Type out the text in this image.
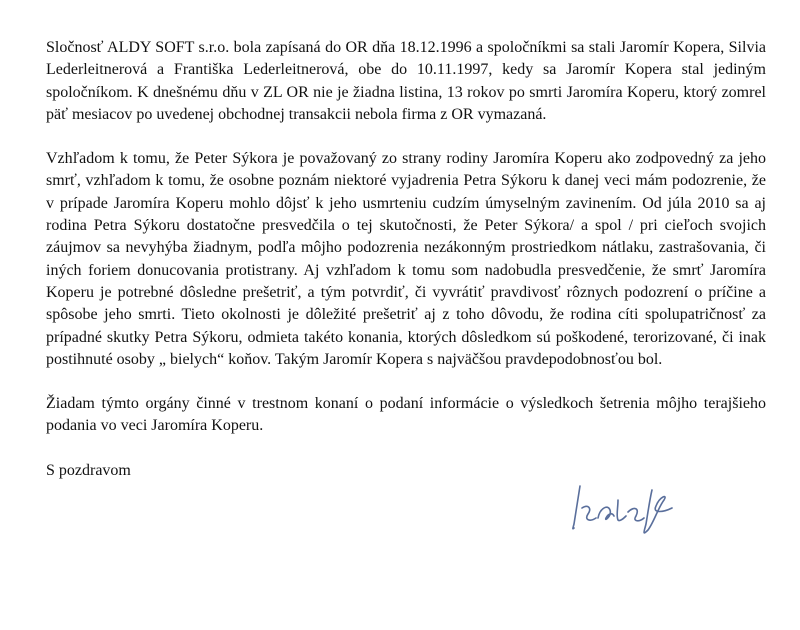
Sločnosť ALDY SOFT s.r.o. bola zapísaná do OR dňa 18.12.1996 a spoločníkmi sa stali Jaromír Kopera, Silvia Lederleitnerová a Františka Lederleitnerová, obe do 10.11.1997, kedy sa Jaromír Kopera stal jediným spoločníkom. K dnešnému dňu v ZL OR nie je žiadna listina, 13 rokov po smrti Jaromíra Koperu, ktorý zomrel päť mesiacov po uvedenej obchodnej transakcii nebola firma z OR vymazaná.

Vzhľadom k tomu, že Peter Sýkora je považovaný zo strany rodiny Jaromíra Koperu ako zodpovedný za jeho smrť, vzhľadom k tomu, že osobne poznám niektoré vyjadrenia Petra Sýkoru k danej veci mám podozrenie, že v prípade Jaromíra Koperu mohlo dôjsť k jeho usmrteniu cudzím úmyselným zavinením. Od júla 2010 sa aj rodina Petra Sýkoru dostatočne presvedčila o tej skutočnosti, že Peter Sýkora/ a spol / pri cieľoch svojich záujmov sa nevyhýba žiadnym, podľa môjho podozrenia nezákonným prostriedkom nátlaku, zastrašovania, či iných foriem donucovania protistrany. Aj vzhľadom k tomu som nadobudla presvedčenie, že smrť Jaromíra Koperu je potrebné dôsledne prešetriť, a tým potvrdiť, či vyvrátiť pravdivosť rôznych podozrení o príčine a spôsobe jeho smrti. Tieto okolnosti je dôležité prešetriť aj z toho dôvodu, že rodina cíti spolupatričnosť za prípadné skutky Petra Sýkoru, odmieta takéto konania, ktorých dôsledkom sú poškodené, terorizované, či inak postihnuté osoby „ bielych“ koňov. Takým Jaromír Kopera s najväčšou pravdepodobnosťou bol.

Žiadam týmto orgány činné v trestnom konaní o podaní informácie o výsledkoch šetrenia môjho terajšieho podania vo veci Jaromíra Koperu.

S pozdravom
